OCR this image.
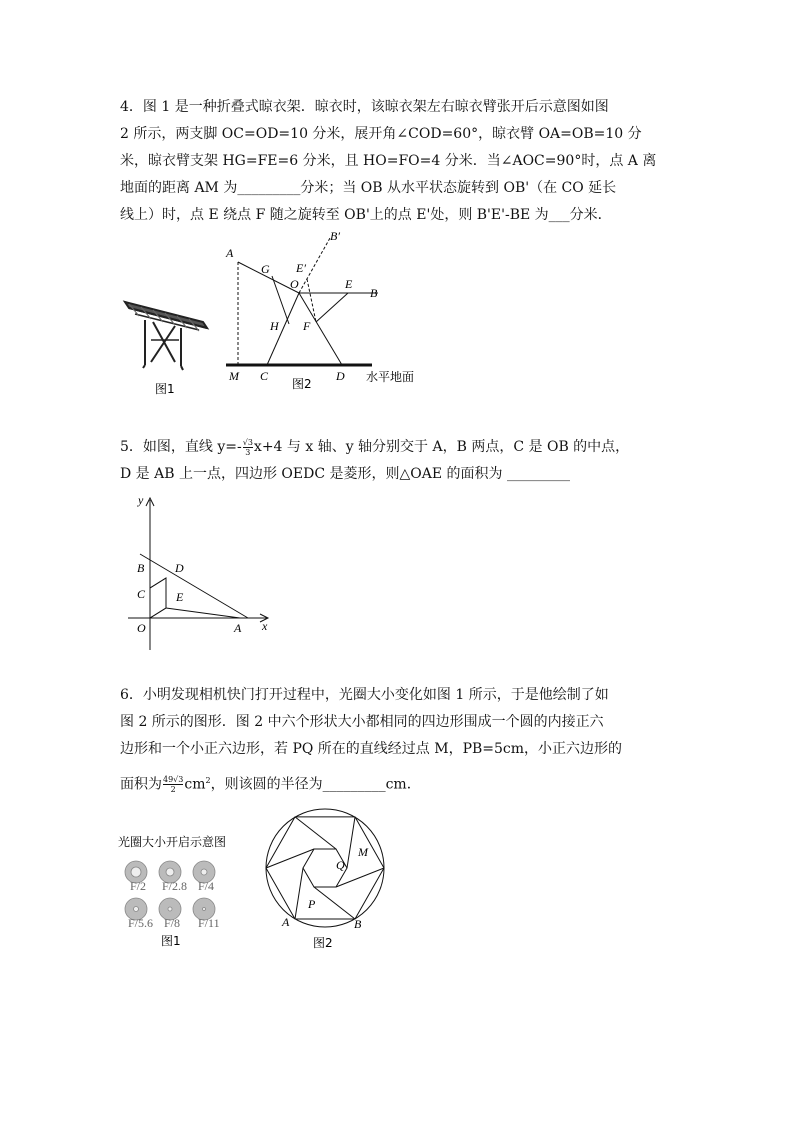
4．图 1 是一种折叠式晾衣架．晾衣时，该晾衣架左右晾衣臂张开后示意图如图
2 所示，两支脚 OC=OD=10 分米，展开角∠COD=60°，晾衣臂 OA=OB=10 分
米，晾衣臂支架 HG=FE=6 分米，且 HO=FO=4 分米．当∠AOC=90°时，点 A 离
地面的距离 AM 为_________分米；当 OB 从水平状态旋转到 OB'（在 CO 延长
线上）时，点 E 绕点 F 随之旋转至 OB'上的点 E'处，则 B'E'-BE 为___分米．
图1
A
B
B′
C	D
E
E′
F
G
H
M
O
图2	水平地面
5．如图，直线 $y=- \frac{√3}{3} x+4$ 与 x 轴、y 轴分别交于 A，B 两点，C 是 OB 的中点，
D 是 AB 上一点，四边形 OEDC 是菱形，则△OAE 的面积为 _________
y
x
O	A
B
C
D
E
6．小明发现相机快门打开过程中，光圈大小变化如图 1 所示，于是他绘制了如
图 2 所示的图形．图 2 中六个形状大小都相同的四边形围成一个圆的内接正六
边形和一个小正六边形，若 PQ 所在的直线经过点 M，PB=5cm，小正六边形的
面积为 $\frac{49√3}{2} cm^2$，则该圆的半径为_________cm．
光圈大小开启示意图
F/2 F/2.8 F/4
F/5.6 F/8 F/11
图1
A	B
P
Q
M
图2
